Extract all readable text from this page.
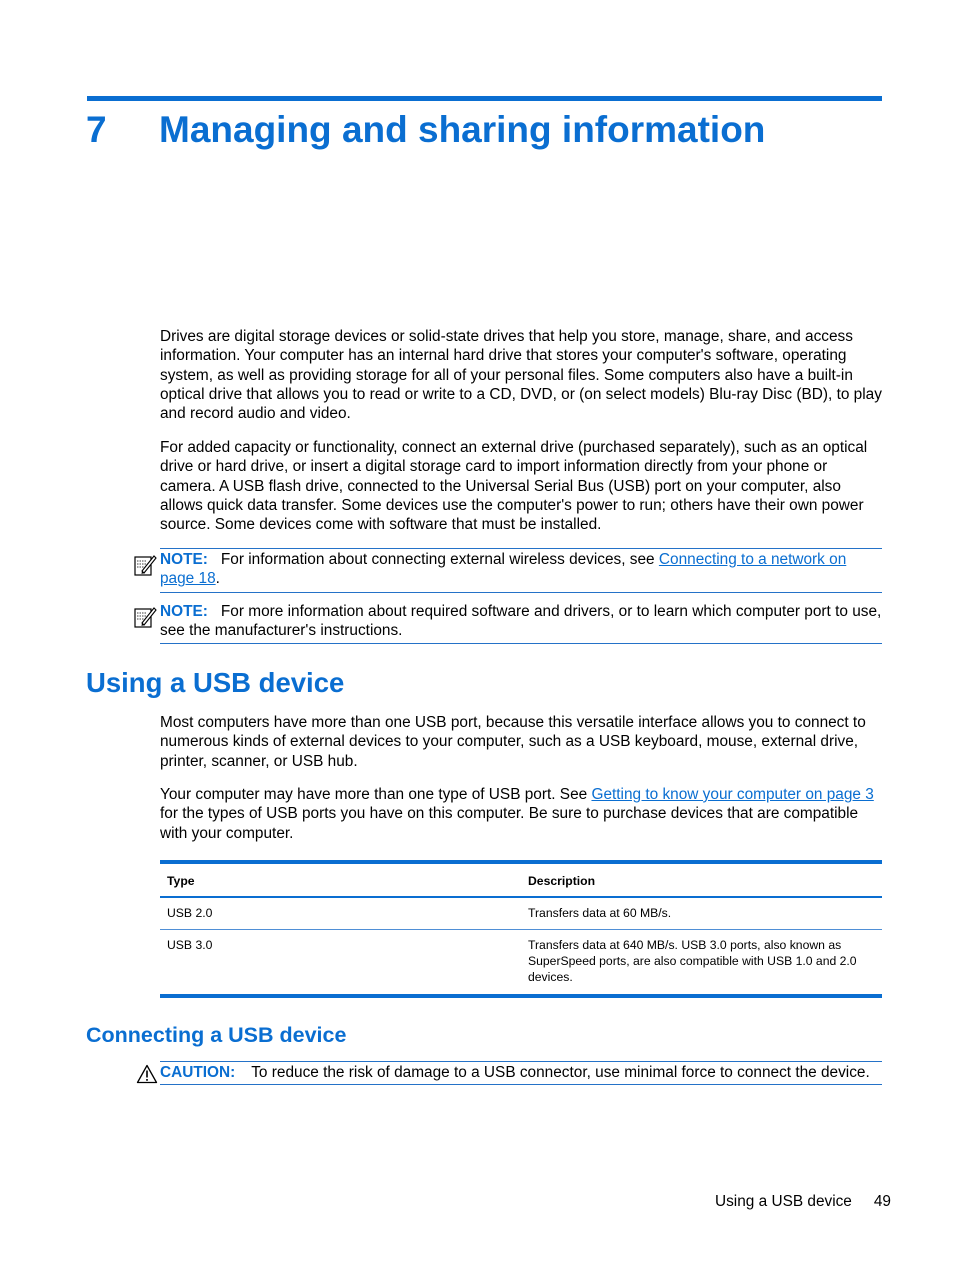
7 Managing and sharing information

Drives are digital storage devices or solid-state drives that help you store, manage, share, and access information. Your computer has an internal hard drive that stores your computer's software, operating system, as well as providing storage for all of your personal files. Some computers also have a built-in optical drive that allows you to read or write to a CD, DVD, or (on select models) Blu-ray Disc (BD), to play and record audio and video.

For added capacity or functionality, connect an external drive (purchased separately), such as an optical drive or hard drive, or insert a digital storage card to import information directly from your phone or camera. A USB flash drive, connected to the Universal Serial Bus (USB) port on your computer, also allows quick data transfer. Some devices use the computer's power to run; others have their own power source. Some devices come with software that must be installed.

NOTE: For information about connecting external wireless devices, see Connecting to a network on page 18.

NOTE: For more information about required software and drivers, or to learn which computer port to use, see the manufacturer's instructions.

Using a USB device

Most computers have more than one USB port, because this versatile interface allows you to connect to numerous kinds of external devices to your computer, such as a USB keyboard, mouse, external drive, printer, scanner, or USB hub.

Your computer may have more than one type of USB port. See Getting to know your computer on page 3 for the types of USB ports you have on this computer. Be sure to purchase devices that are compatible with your computer.

Type	Description
USB 2.0	Transfers data at 60 MB/s.
USB 3.0	Transfers data at 640 MB/s. USB 3.0 ports, also known as SuperSpeed ports, are also compatible with USB 1.0 and 2.0 devices.
Connecting a USB device

CAUTION: To reduce the risk of damage to a USB connector, use minimal force to connect the device.

Using a USB device 49
